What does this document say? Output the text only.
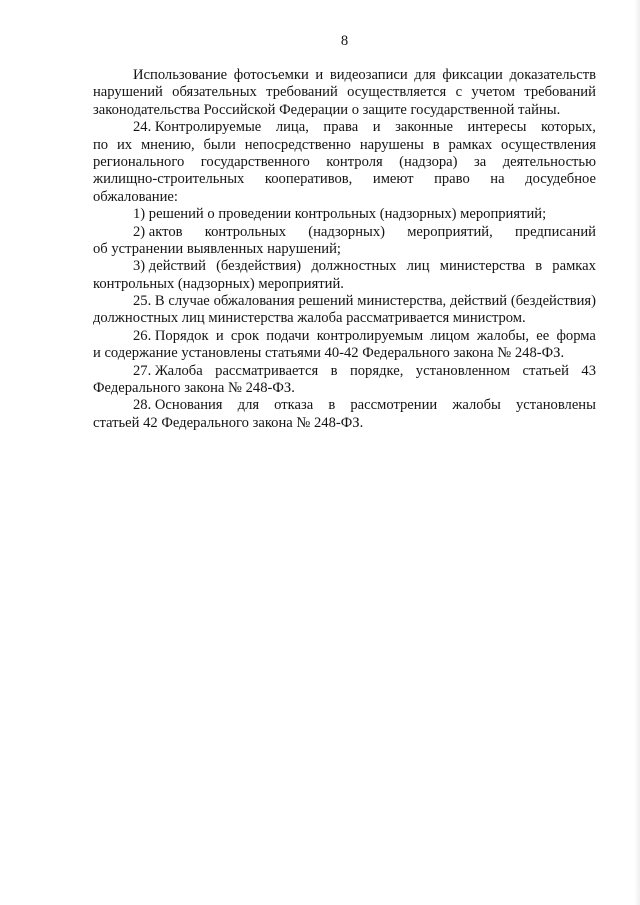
8
Использование фотосъемки и видеозаписи для фиксации доказательств
нарушений обязательных требований осуществляется с учетом требований
законодательства Российской Федерации о защите государственной тайны.
24. Контролируемые лица, права и законные интересы которых,
по их мнению, были непосредственно нарушены в рамках осуществления
регионального государственного контроля (надзора) за деятельностью
жилищно-строительных кооперативов, имеют право на досудебное
обжалование:
1) решений о проведении контрольных (надзорных) мероприятий;
2) актов контрольных (надзорных) мероприятий, предписаний
об устранении выявленных нарушений;
3) действий (бездействия) должностных лиц министерства в рамках
контрольных (надзорных) мероприятий.
25. В случае обжалования решений министерства, действий (бездействия)
должностных лиц министерства жалоба рассматривается министром.
26. Порядок и срок подачи контролируемым лицом жалобы, ее форма
и содержание установлены статьями 40-42 Федерального закона № 248-ФЗ.
27. Жалоба рассматривается в порядке, установленном статьей 43
Федерального закона № 248-ФЗ.
28. Основания для отказа в рассмотрении жалобы установлены
статьей 42 Федерального закона № 248-ФЗ.
